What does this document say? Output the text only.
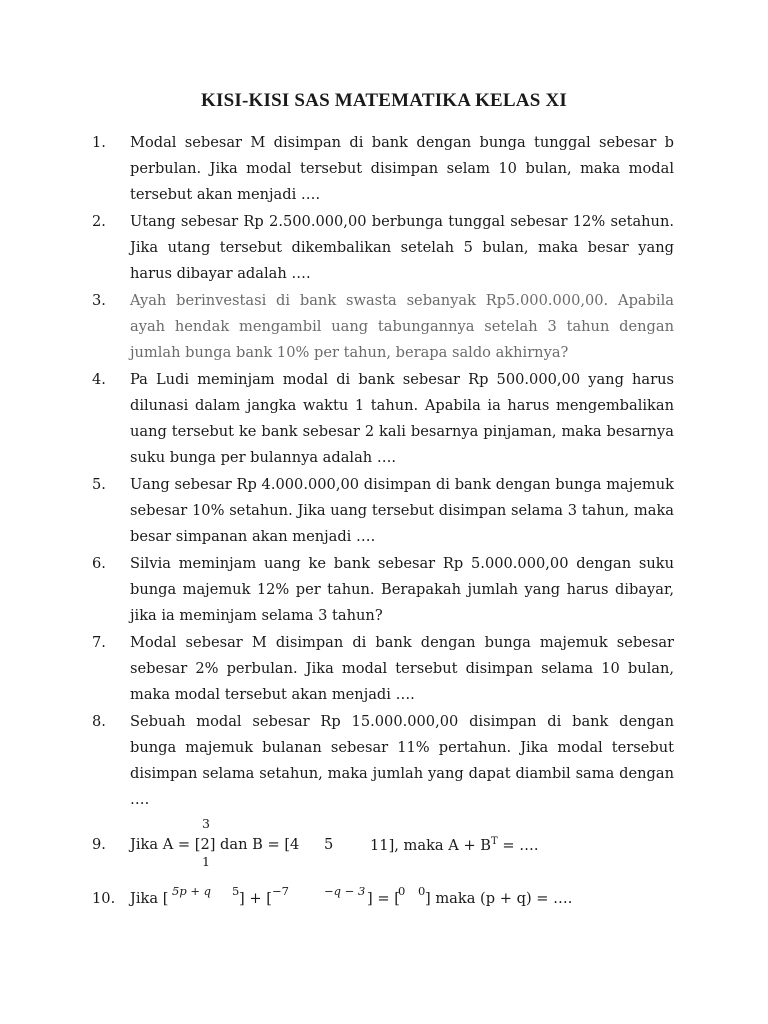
KISI-KISI SAS MATEMATIKA KELAS XI
1.	Modal sebesar M disimpan di bank dengan bunga tunggal sebesar b perbulan. Jika modal tersebut disimpan selam 10 bulan, maka modal tersebut akan menjadi ….
2.	Utang sebesar Rp 2.500.000,00 berbunga tunggal sebesar 12% setahun. Jika utang tersebut dikembalikan setelah 5 bulan, maka besar yang harus dibayar adalah ….
3.	Ayah berinvestasi di bank swasta sebanyak Rp5.000.000,00. Apabila ayah hendak mengambil uang tabungannya setelah 3 tahun dengan jumlah bunga bank 10% per tahun, berapa saldo akhirnya?
4.	Pa Ludi meminjam modal di bank sebesar Rp 500.000,00 yang harus dilunasi dalam jangka waktu 1 tahun. Apabila ia harus mengembalikan uang tersebut ke bank sebesar 2 kali besarnya pinjaman, maka besarnya suku bunga per bulannya adalah ….
5.	Uang sebesar Rp 4.000.000,00 disimpan di bank dengan bunga majemuk sebesar 10% setahun. Jika uang tersebut disimpan selama 3 tahun, maka besar simpanan akan menjadi ….
6.	Silvia meminjam uang ke bank sebesar Rp 5.000.000,00 dengan suku bunga majemuk 12% per tahun. Berapakah jumlah yang harus dibayar, jika ia meminjam selama 3 tahun?
7.	Modal sebesar M disimpan di bank dengan bunga majemuk sebesar sebesar 2% perbulan. Jika modal tersebut disimpan selama 10 bulan, maka modal tersebut akan menjadi ….
8.	Sebuah modal sebesar Rp 15.000.000,00 disimpan di bank dengan bunga majemuk bulanan sebesar 11% pertahun. Jika modal tersebut disimpan selama setahun, maka jumlah yang dapat diambil sama dengan ….
9.
3
Jika A = [2] dan B = [4 5	11], maka $A + B^T$ = ….
1
10. Jika [ 5p + q 5 ] + [ −7	−q − 3 ] = [
0 0 ] maka (p + q) = ….
